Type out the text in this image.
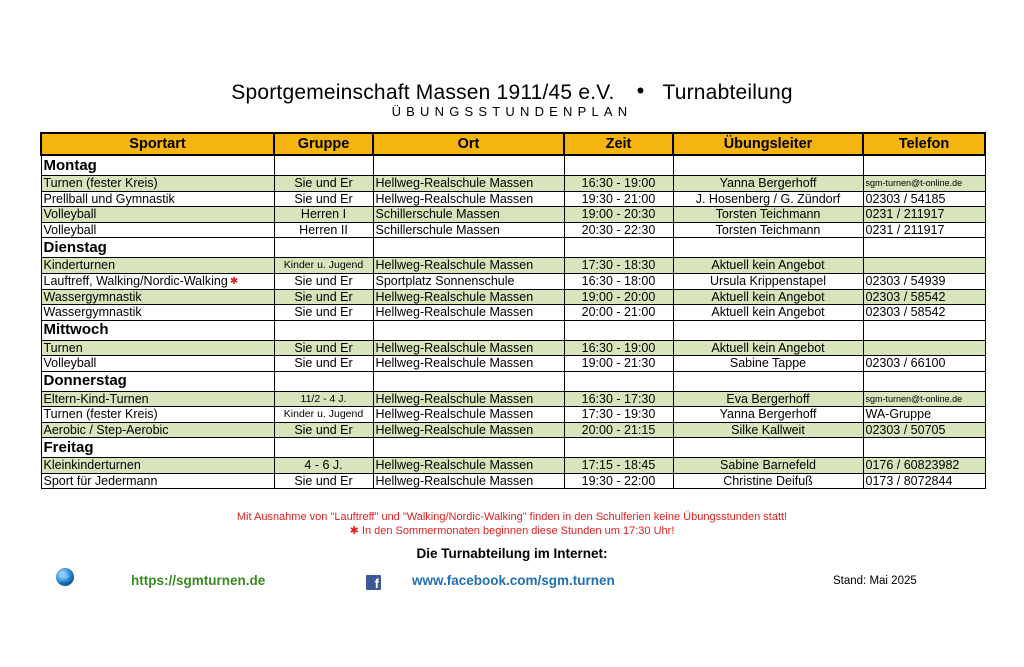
Sportgemeinschaft Massen 1911/45 e.V. • Turnabteilung
ÜBUNGSSTUNDENPLAN
Sportart	Gruppe	Ort	Zeit	Übungsleiter	Telefon
Montag					
Turnen (fester Kreis)	Sie und Er	Hellweg-Realschule Massen	16:30 - 19:00	Yanna Bergerhoff	sgm-turnen@t-online.de
Prellball und Gymnastik	Sie und Er	Hellweg-Realschule Massen	19:30 - 21:00	J. Hosenberg / G. Zündorf	02303 / 54185
Volleyball	Herren I	Schillerschule Massen	19:00 - 20:30	Torsten Teichmann	0231 / 211917
Volleyball	Herren II	Schillerschule Massen	20:30 - 22:30	Torsten Teichmann	0231 / 211917
Dienstag					
Kinderturnen	Kinder u. Jugend	Hellweg-Realschule Massen	17:30 - 18:30	Aktuell kein Angebot	
Lauftreff, Walking/Nordic-Walking ✱	Sie und Er	Sportplatz Sonnenschule	16:30 - 18:00	Ursula Krippenstapel	02303 / 54939
Wassergymnastik	Sie und Er	Hellweg-Realschule Massen	19:00 - 20:00	Aktuell kein Angebot	02303 / 58542
Wassergymnastik	Sie und Er	Hellweg-Realschule Massen	20:00 - 21:00	Aktuell kein Angebot	02303 / 58542
Mittwoch					
Turnen	Sie und Er	Hellweg-Realschule Massen	16:30 - 19:00	Aktuell kein Angebot	
Volleyball	Sie und Er	Hellweg-Realschule Massen	19:00 - 21:30	Sabine Tappe	02303 / 66100
Donnerstag					
Eltern-Kind-Turnen	11/2 - 4 J.	Hellweg-Realschule Massen	16:30 - 17:30	Eva Bergerhoff	sgm-turnen@t-online.de
Turnen (fester Kreis)	Kinder u. Jugend	Hellweg-Realschule Massen	17:30 - 19:30	Yanna Bergerhoff	WA-Gruppe
Aerobic / Step-Aerobic	Sie und Er	Hellweg-Realschule Massen	20:00 - 21:15	Silke Kallweit	02303 / 50705
Freitag					
Kleinkinderturnen	4 - 6 J.	Hellweg-Realschule Massen	17:15 - 18:45	Sabine Barnefeld	0176 / 60823982
Sport für Jedermann	Sie und Er	Hellweg-Realschule Massen	19:30 - 22:00	Christine Deifuß	0173 / 8072844
Mit Ausnahme von "Lauftreff" und "Walking/Nordic-Walking" finden in den Schulferien keine Übungsstunden statt!
✱ In den Sommermonaten beginnen diese Stunden um 17:30 Uhr!
Die Turnabteilung im Internet:
https://sgmturnen.de	f www.facebook.com/sgm.turnen	Stand: Mai 2025
